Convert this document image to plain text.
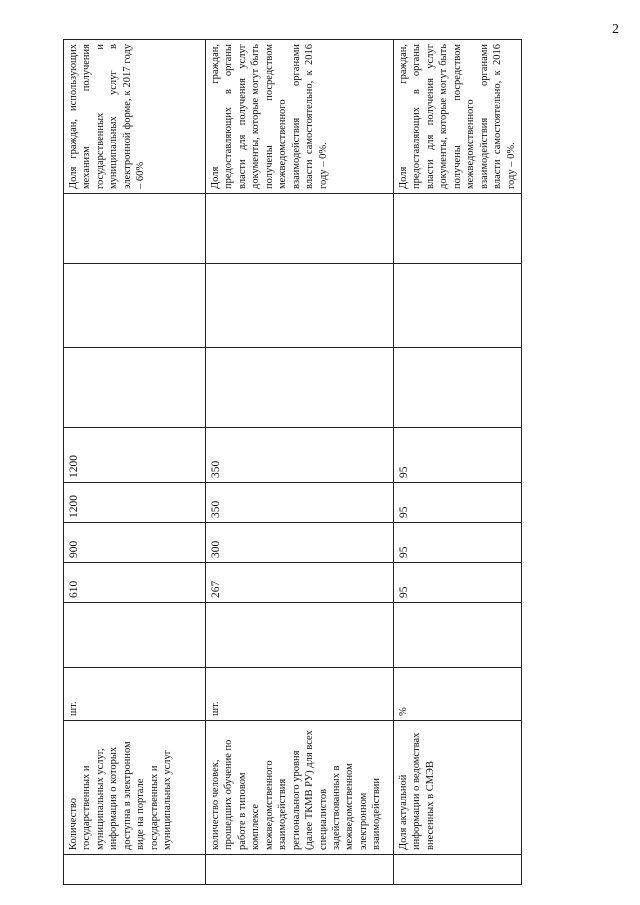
2
	Количество государственных и муниципальных услуг, информация о которых доступна в электронном виде на портале государственных и муниципальных услуг	шт.		610	900	1200	1200				Доля граждан, использующих механизм получения государственных и муниципальных услуг в электронной форме, к 2017 году – 60%
	количество человек, прошедших обучение по работе в типовом комплексе межведомственного взаимодействия регионального уровня (далее ТКМВ РУ) для всех специалистов задействованных в межведомственном электронном взаимодействии	шт.		267	300	350	350				Доля граждан, предоставляющих в органы власти для получения услуг документы, которые могут быть получены посредством межведомственного взаимодействия органами власти самостоятельно, к 2016 году – 0%.
	Доля актуальной информации о ведомствах внесенных в СМЭВ	%		95	95	95	95				Доля граждан, предоставляющих в органы власти для получения услуг документы, которые могут быть получены посредством межведомственного взаимодействия органами власти самостоятельно, к 2016 году – 0%.
